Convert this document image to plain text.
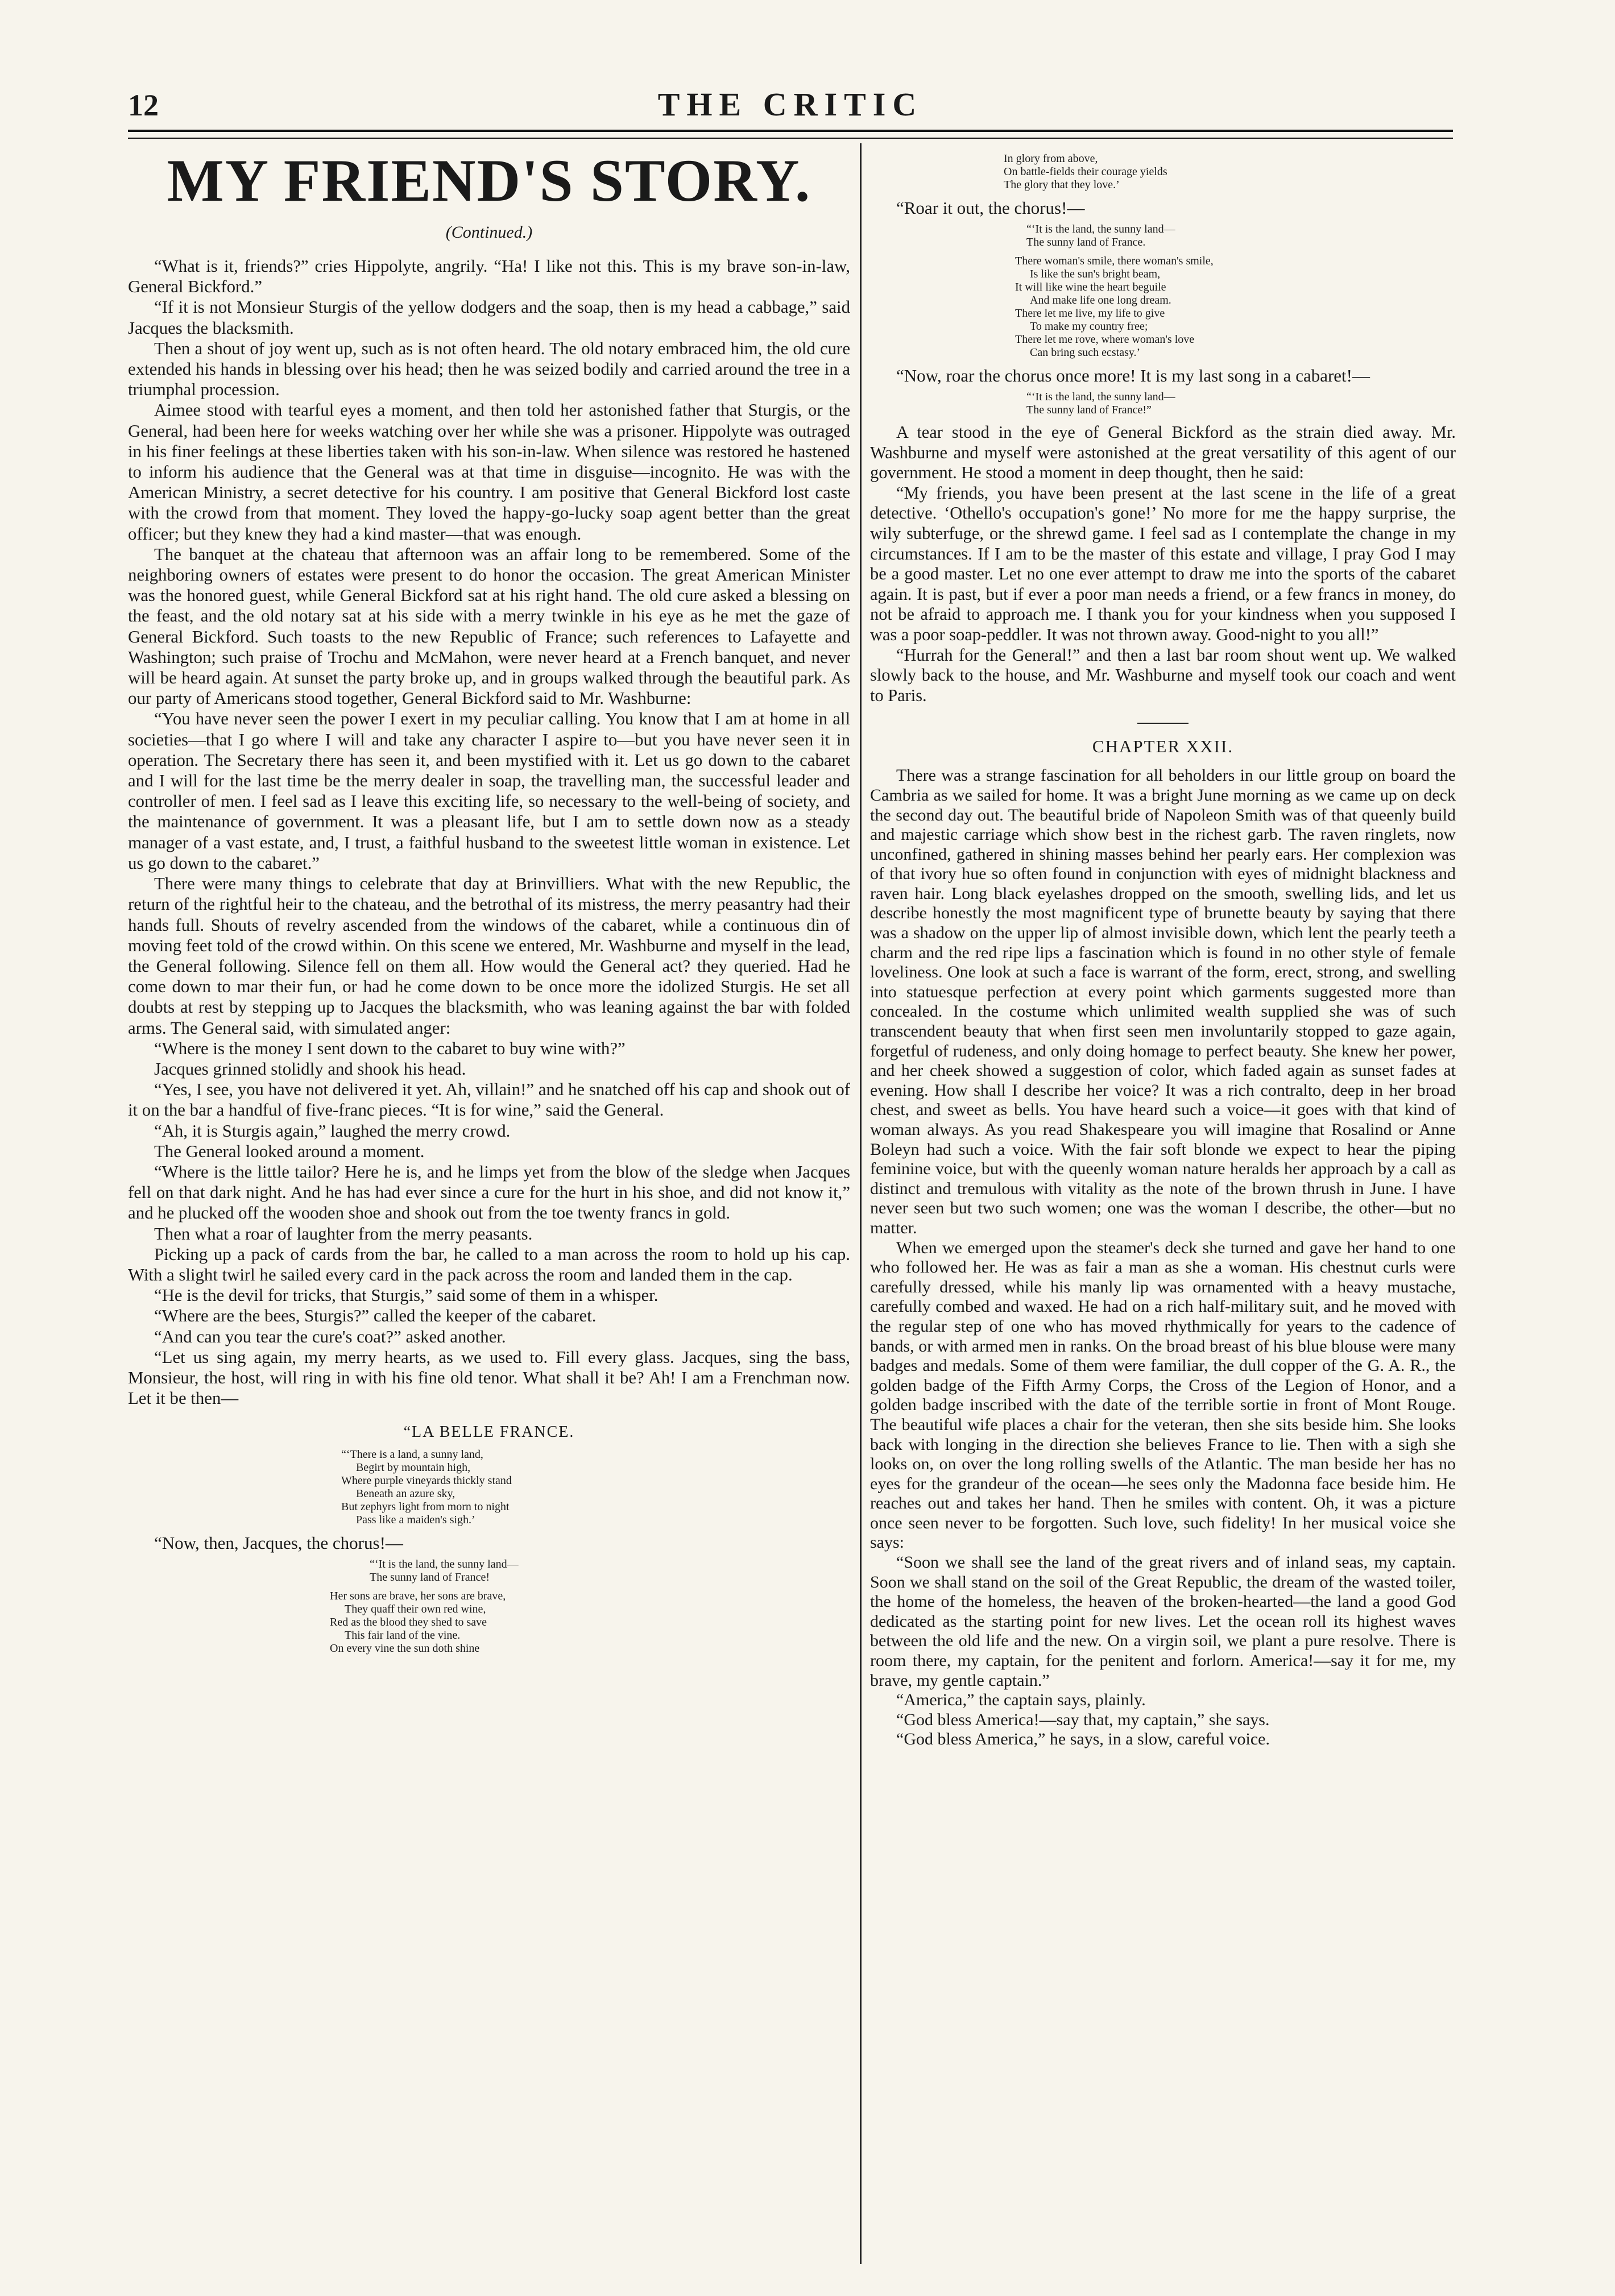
12	THE CRITIC
MY FRIEND'S STORY.
(Continued.)

“What is it, friends?” cries Hippolyte, angrily. “Ha! I like not this. This is my brave son-in-law, General Bickford.”

“If it is not Monsieur Sturgis of the yellow dodgers and the soap, then is my head a cabbage,” said Jacques the blacksmith.

Then a shout of joy went up, such as is not often heard. The old notary embraced him, the old cure extended his hands in blessing over his head; then he was seized bodily and carried around the tree in a triumphal procession.

Aimee stood with tearful eyes a moment, and then told her astonished father that Sturgis, or the General, had been here for weeks watching over her while she was a prisoner. Hippolyte was outraged in his finer feelings at these liberties taken with his son-in-law. When silence was restored he hastened to inform his audience that the General was at that time in disguise—incognito. He was with the American Ministry, a secret detective for his country. I am positive that General Bickford lost caste with the crowd from that moment. They loved the happy-go-lucky soap agent better than the great officer; but they knew they had a kind master—that was enough.

The banquet at the chateau that afternoon was an affair long to be remembered. Some of the neighboring owners of estates were present to do honor the occasion. The great American Minister was the honored guest, while General Bickford sat at his right hand. The old cure asked a blessing on the feast, and the old notary sat at his side with a merry twinkle in his eye as he met the gaze of General Bickford. Such toasts to the new Republic of France; such references to Lafayette and Washington; such praise of Trochu and McMahon, were never heard at a French banquet, and never will be heard again. At sunset the party broke up, and in groups walked through the beautiful park. As our party of Americans stood together, General Bickford said to Mr. Washburne:

“You have never seen the power I exert in my peculiar calling. You know that I am at home in all societies—that I go where I will and take any character I aspire to—but you have never seen it in operation. The Secretary there has seen it, and been mystified with it. Let us go down to the cabaret and I will for the last time be the merry dealer in soap, the travelling man, the successful leader and controller of men. I feel sad as I leave this exciting life, so necessary to the well-being of society, and the maintenance of government. It was a pleasant life, but I am to settle down now as a steady manager of a vast estate, and, I trust, a faithful husband to the sweetest little woman in existence. Let us go down to the cabaret.”

There were many things to celebrate that day at Brinvilliers. What with the new Republic, the return of the rightful heir to the chateau, and the betrothal of its mistress, the merry peasantry had their hands full. Shouts of revelry ascended from the windows of the cabaret, while a continuous din of moving feet told of the crowd within. On this scene we entered, Mr. Washburne and myself in the lead, the General following. Silence fell on them all. How would the General act? they queried. Had he come down to mar their fun, or had he come down to be once more the idolized Sturgis. He set all doubts at rest by stepping up to Jacques the blacksmith, who was leaning against the bar with folded arms. The General said, with simulated anger:

“Where is the money I sent down to the cabaret to buy wine with?”

Jacques grinned stolidly and shook his head.

“Yes, I see, you have not delivered it yet. Ah, villain!” and he snatched off his cap and shook out of it on the bar a handful of five-franc pieces. “It is for wine,” said the General.

“Ah, it is Sturgis again,” laughed the merry crowd.

The General looked around a moment.

“Where is the little tailor? Here he is, and he limps yet from the blow of the sledge when Jacques fell on that dark night. And he has had ever since a cure for the hurt in his shoe, and did not know it,” and he plucked off the wooden shoe and shook out from the toe twenty francs in gold.

Then what a roar of laughter from the merry peasants.

Picking up a pack of cards from the bar, he called to a man across the room to hold up his cap. With a slight twirl he sailed every card in the pack across the room and landed them in the cap.

“He is the devil for tricks, that Sturgis,” said some of them in a whisper.

“Where are the bees, Sturgis?” called the keeper of the cabaret.

“And can you tear the cure's coat?” asked another.

“Let us sing again, my merry hearts, as we used to. Fill every glass. Jacques, sing the bass, Monsieur, the host, will ring in with his fine old tenor. What shall it be? Ah! I am a Frenchman now. Let it be then—

“LA BELLE FRANCE.
“‘There is a land, a sunny land,
Begirt by mountain high,
Where purple vineyards thickly stand
Beneath an azure sky,
But zephyrs light from morn to night
Pass like a maiden's sigh.’
“Now, then, Jacques, the chorus!—
“‘It is the land, the sunny land—
The sunny land of France!
Her sons are brave, her sons are brave,
They quaff their own red wine,
Red as the blood they shed to save
This fair land of the vine.
On every vine the sun doth shine
In glory from above,
On battle-fields their courage yields
The glory that they love.’
“Roar it out, the chorus!—
“‘It is the land, the sunny land—
The sunny land of France.
There woman's smile, there woman's smile,
Is like the sun's bright beam,
It will like wine the heart beguile
And make life one long dream.
There let me live, my life to give
To make my country free;
There let me rove, where woman's love
Can bring such ecstasy.’
“Now, roar the chorus once more! It is my last song in a cabaret!—
“‘It is the land, the sunny land—
The sunny land of France!”

A tear stood in the eye of General Bickford as the strain died away. Mr. Washburne and myself were astonished at the great versatility of this agent of our government. He stood a moment in deep thought, then he said:

“My friends, you have been present at the last scene in the life of a great detective. ‘Othello's occupation's gone!’ No more for me the happy surprise, the wily subterfuge, or the shrewd game. I feel sad as I contemplate the change in my circumstances. If I am to be the master of this estate and village, I pray God I may be a good master. Let no one ever attempt to draw me into the sports of the cabaret again. It is past, but if ever a poor man needs a friend, or a few francs in money, do not be afraid to approach me. I thank you for your kindness when you supposed I was a poor soap-peddler. It was not thrown away. Good-night to you all!”

“Hurrah for the General!” and then a last bar room shout went up. We walked slowly back to the house, and Mr. Washburne and myself took our coach and went to Paris.

CHAPTER XXII.

There was a strange fascination for all beholders in our little group on board the Cambria as we sailed for home. It was a bright June morning as we came up on deck the second day out. The beautiful bride of Napoleon Smith was of that queenly build and majestic carriage which show best in the richest garb. The raven ringlets, now unconfined, gathered in shining masses behind her pearly ears. Her complexion was of that ivory hue so often found in conjunction with eyes of midnight blackness and raven hair. Long black eyelashes dropped on the smooth, swelling lids, and let us describe honestly the most magnificent type of brunette beauty by saying that there was a shadow on the upper lip of almost invisible down, which lent the pearly teeth a charm and the red ripe lips a fascination which is found in no other style of female loveliness. One look at such a face is warrant of the form, erect, strong, and swelling into statuesque perfection at every point which garments suggested more than concealed. In the costume which unlimited wealth supplied she was of such transcendent beauty that when first seen men involuntarily stopped to gaze again, forgetful of rudeness, and only doing homage to perfect beauty. She knew her power, and her cheek showed a suggestion of color, which faded again as sunset fades at evening. How shall I describe her voice? It was a rich contralto, deep in her broad chest, and sweet as bells. You have heard such a voice—it goes with that kind of woman always. As you read Shakespeare you will imagine that Rosalind or Anne Boleyn had such a voice. With the fair soft blonde we expect to hear the piping feminine voice, but with the queenly woman nature heralds her approach by a call as distinct and tremulous with vitality as the note of the brown thrush in June. I have never seen but two such women; one was the woman I describe, the other—but no matter.

When we emerged upon the steamer's deck she turned and gave her hand to one who followed her. He was as fair a man as she a woman. His chestnut curls were carefully dressed, while his manly lip was ornamented with a heavy mustache, carefully combed and waxed. He had on a rich half-military suit, and he moved with the regular step of one who has moved rhythmically for years to the cadence of bands, or with armed men in ranks. On the broad breast of his blue blouse were many badges and medals. Some of them were familiar, the dull copper of the G. A. R., the golden badge of the Fifth Army Corps, the Cross of the Legion of Honor, and a golden badge inscribed with the date of the terrible sortie in front of Mont Rouge. The beautiful wife places a chair for the veteran, then she sits beside him. She looks back with longing in the direction she believes France to lie. Then with a sigh she looks on, on over the long rolling swells of the Atlantic. The man beside her has no eyes for the grandeur of the ocean—he sees only the Madonna face beside him. He reaches out and takes her hand. Then he smiles with content. Oh, it was a picture once seen never to be forgotten. Such love, such fidelity! In her musical voice she says:

“Soon we shall see the land of the great rivers and of inland seas, my captain. Soon we shall stand on the soil of the Great Republic, the dream of the wasted toiler, the home of the homeless, the heaven of the broken-hearted—the land a good God dedicated as the starting point for new lives. Let the ocean roll its highest waves between the old life and the new. On a virgin soil, we plant a pure resolve. There is room there, my captain, for the penitent and forlorn. America!—say it for me, my brave, my gentle captain.”

“America,” the captain says, plainly.

“God bless America!—say that, my captain,” she says.

“God bless America,” he says, in a slow, careful voice.
